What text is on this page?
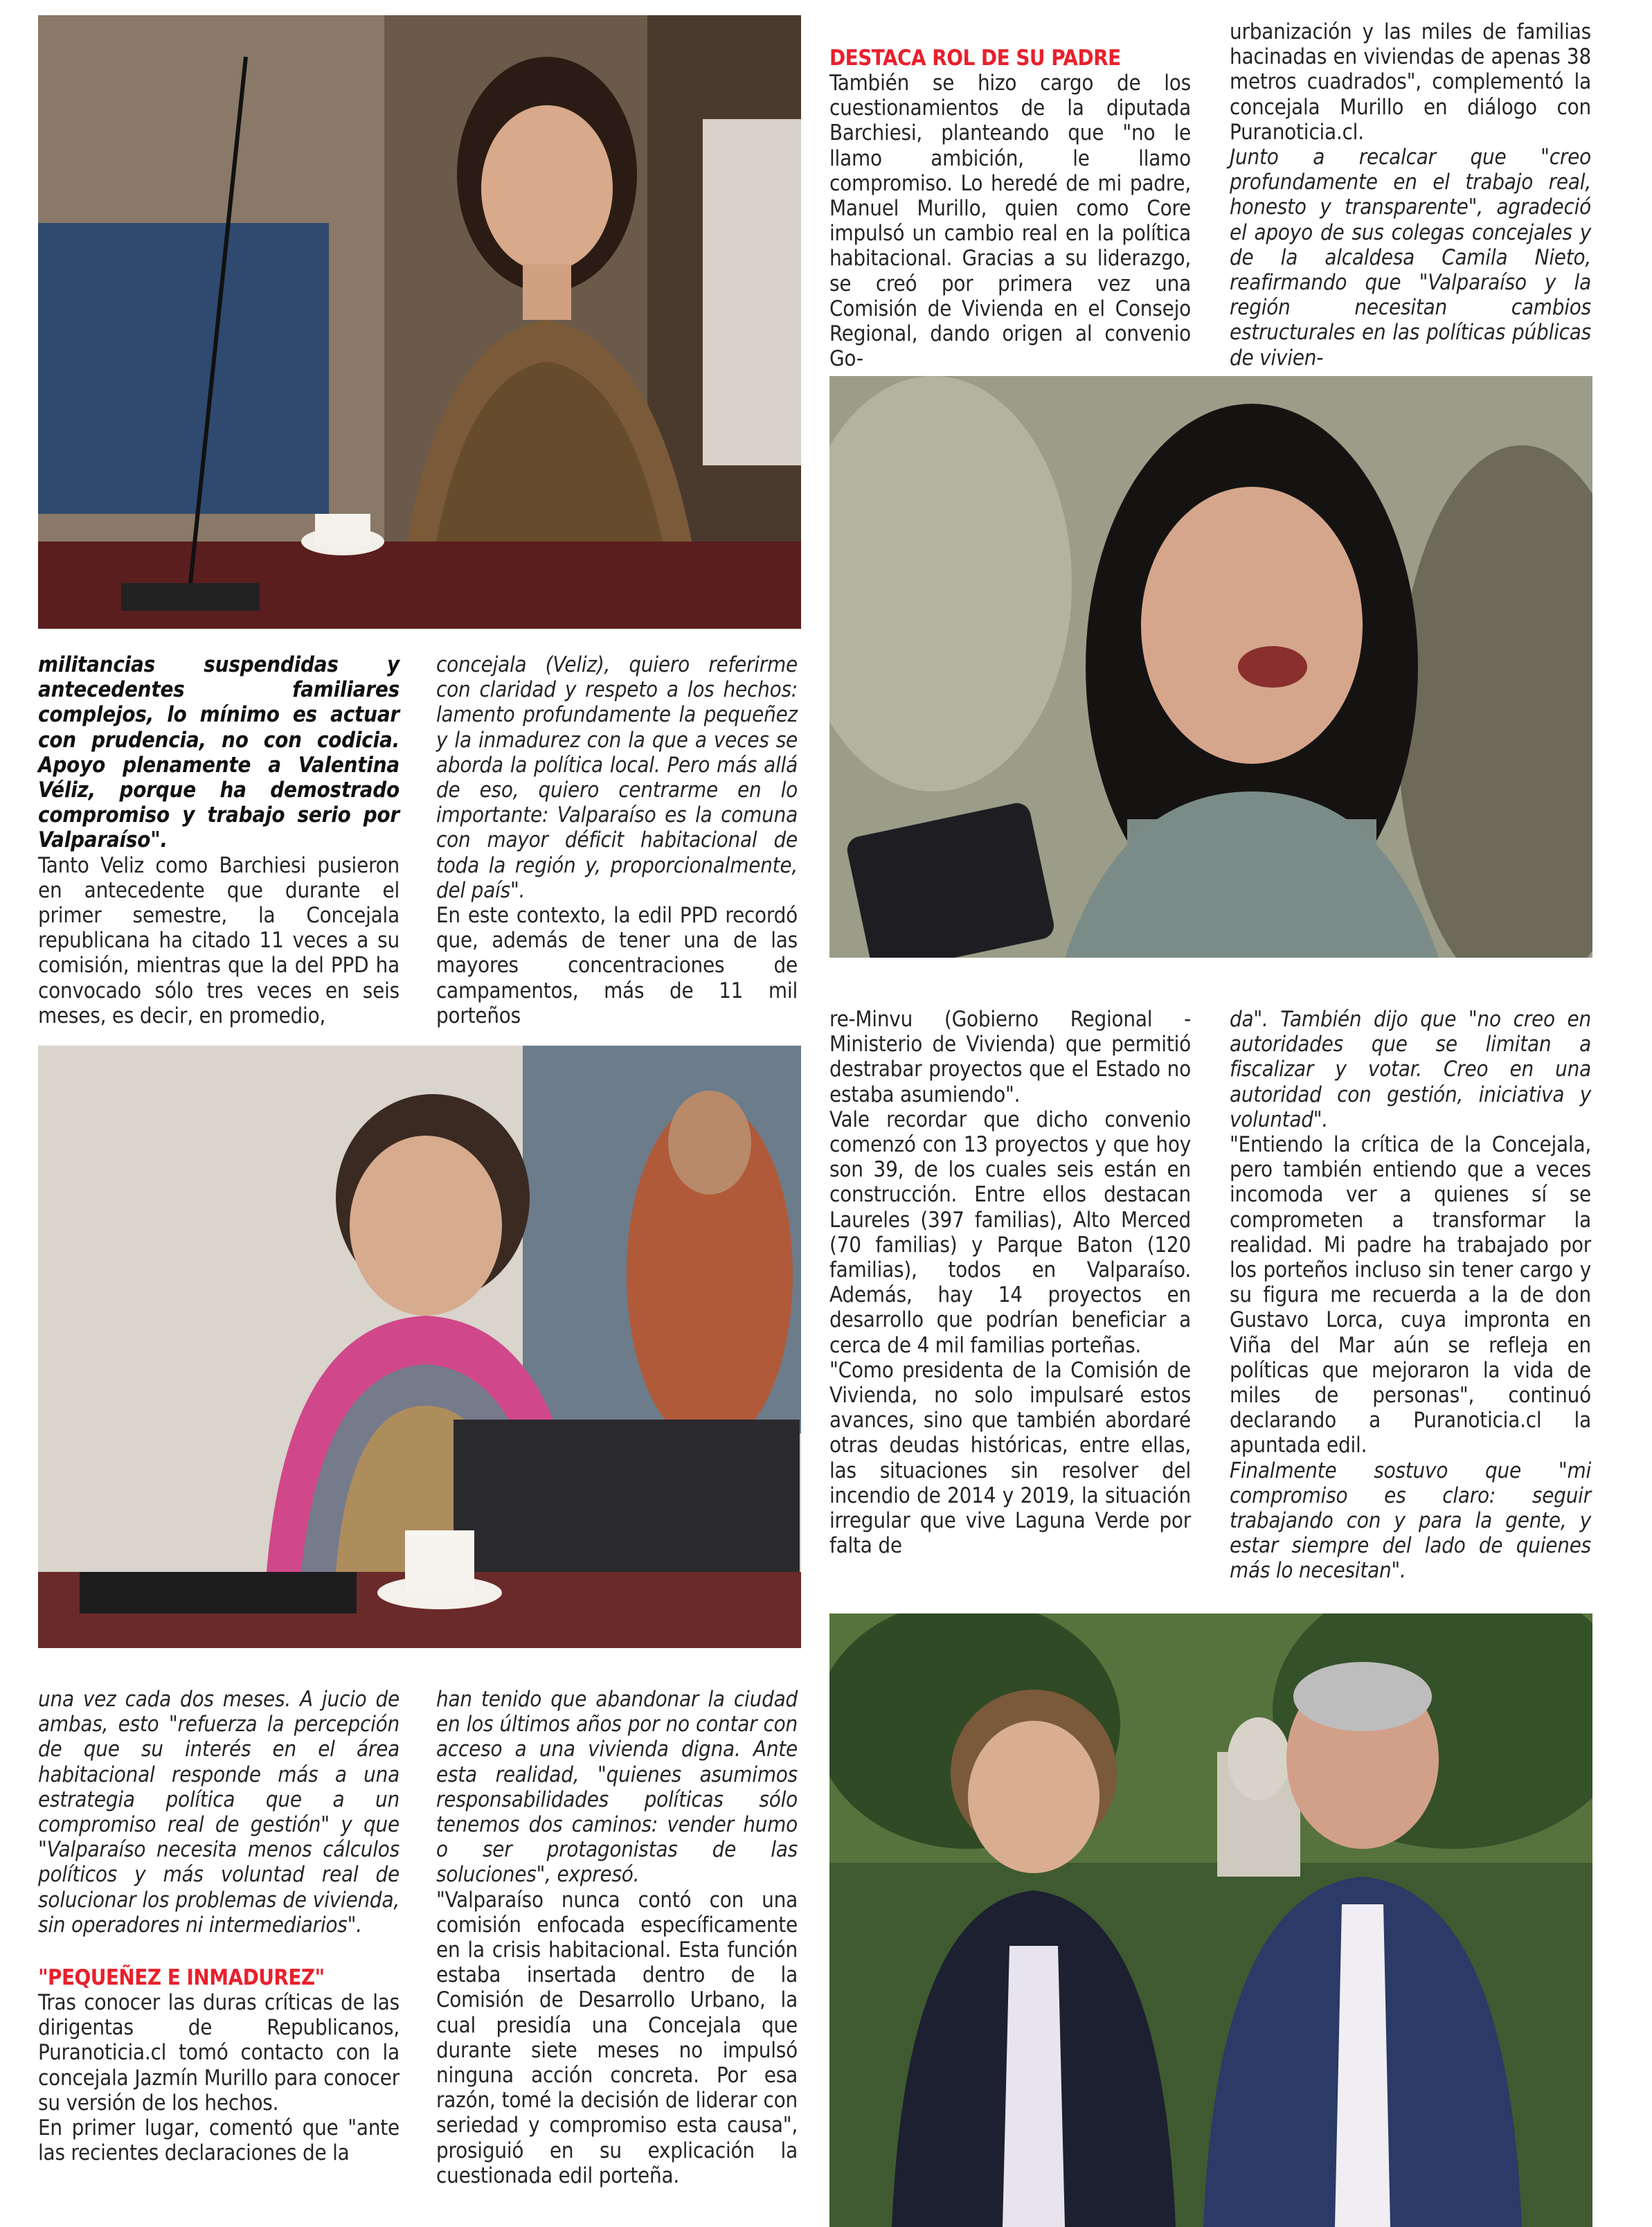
militancias suspendidas y antecedentes familiares complejos, lo mínimo es actuar con prudencia, no con codicia. Apoyo plenamente a Valentina Véliz, porque ha demostrado compromiso y trabajo serio por Valparaíso".

Tanto Veliz como Barchiesi pusieron en antecedente que durante el primer semestre, la Concejala republicana ha citado 11 veces a su comisión, mientras que la del PPD ha convocado sólo tres veces en seis meses, es decir, en promedio,

concejala (Veliz), quiero referirme con claridad y respeto a los hechos: lamento profundamente la pequeñez y la inmadurez con la que a veces se aborda la política local. Pero más allá de eso, quiero centrarme en lo importante: Valparaíso es la comuna con mayor déficit habitacional de toda la región y, proporcionalmente, del país".

En este contexto, la edil PPD recordó que, además de tener una de las mayores concentraciones de campamentos, más de 11 mil porteños

DESTACA ROL DE SU PADRE

También se hizo cargo de los cuestionamientos de la diputada Barchiesi, planteando que "no le llamo ambición, le llamo compromiso. Lo heredé de mi padre, Manuel Murillo, quien como Core impulsó un cambio real en la política habitacional. Gracias a su liderazgo, se creó por primera vez una Comisión de Vivienda en el Consejo Regional, dando origen al convenio Go-

urbanización y las miles de familias hacinadas en viviendas de apenas 38 metros cuadrados", complementó la concejala Murillo en diálogo con Puranoticia.cl.

Junto a recalcar que "creo profundamente en el trabajo real, honesto y transparente", agradeció el apoyo de sus colegas concejales y de la alcaldesa Camila Nieto, reafirmando que "Valparaíso y la región necesitan cambios estructurales en las políticas públicas de vivien-

re-Minvu (Gobierno Regional - Ministerio de Vivienda) que permitió destrabar proyectos que el Estado no estaba asumiendo".

Vale recordar que dicho convenio comenzó con 13 proyectos y que hoy son 39, de los cuales seis están en construcción. Entre ellos destacan Laureles (397 familias), Alto Merced (70 familias) y Parque Baton (120 familias), todos en Valparaíso. Además, hay 14 proyectos en desarrollo que podrían beneficiar a cerca de 4 mil familias porteñas.

"Como presidenta de la Comisión de Vivienda, no solo impulsaré estos avances, sino que también abordaré otras deudas históricas, entre ellas, las situaciones sin resolver del incendio de 2014 y 2019, la situación irregular que vive Laguna Verde por falta de

da". También dijo que "no creo en autoridades que se limitan a fiscalizar y votar. Creo en una autoridad con gestión, iniciativa y voluntad".

"Entiendo la crítica de la Concejala, pero también entiendo que a veces incomoda ver a quienes sí se comprometen a transformar la realidad. Mi padre ha trabajado por los porteños incluso sin tener cargo y su figura me recuerda a la de don Gustavo Lorca, cuya impronta en Viña del Mar aún se refleja en políticas que mejoraron la vida de miles de personas", continuó declarando a Puranoticia.cl la apuntada edil.

Finalmente sostuvo que "mi compromiso es claro: seguir trabajando con y para la gente, y estar siempre del lado de quienes más lo necesitan".

una vez cada dos meses. A jucio de ambas, esto "refuerza la percepción de que su interés en el área habitacional responde más a una estrategia política que a un compromiso real de gestión" y que "Valparaíso necesita menos cálculos políticos y más voluntad real de solucionar los problemas de vivienda, sin operadores ni intermediarios".

"PEQUEÑEZ E INMADUREZ"

Tras conocer las duras críticas de las dirigentas de Republicanos, Puranoticia.cl tomó contacto con la concejala Jazmín Murillo para conocer su versión de los hechos.

En primer lugar, comentó que "ante las recientes declaraciones de la

han tenido que abandonar la ciudad en los últimos años por no contar con acceso a una vivienda digna. Ante esta realidad, "quienes asumimos responsabilidades políticas sólo tenemos dos caminos: vender humo o ser protagonistas de las soluciones", expresó.

"Valparaíso nunca contó con una comisión enfocada específicamente en la crisis habitacional. Esta función estaba insertada dentro de la Comisión de Desarrollo Urbano, la cual presidía una Concejala que durante siete meses no impulsó ninguna acción concreta. Por esa razón, tomé la decisión de liderar con seriedad y compromiso esta causa", prosiguió en su explicación la cuestionada edil porteña.
